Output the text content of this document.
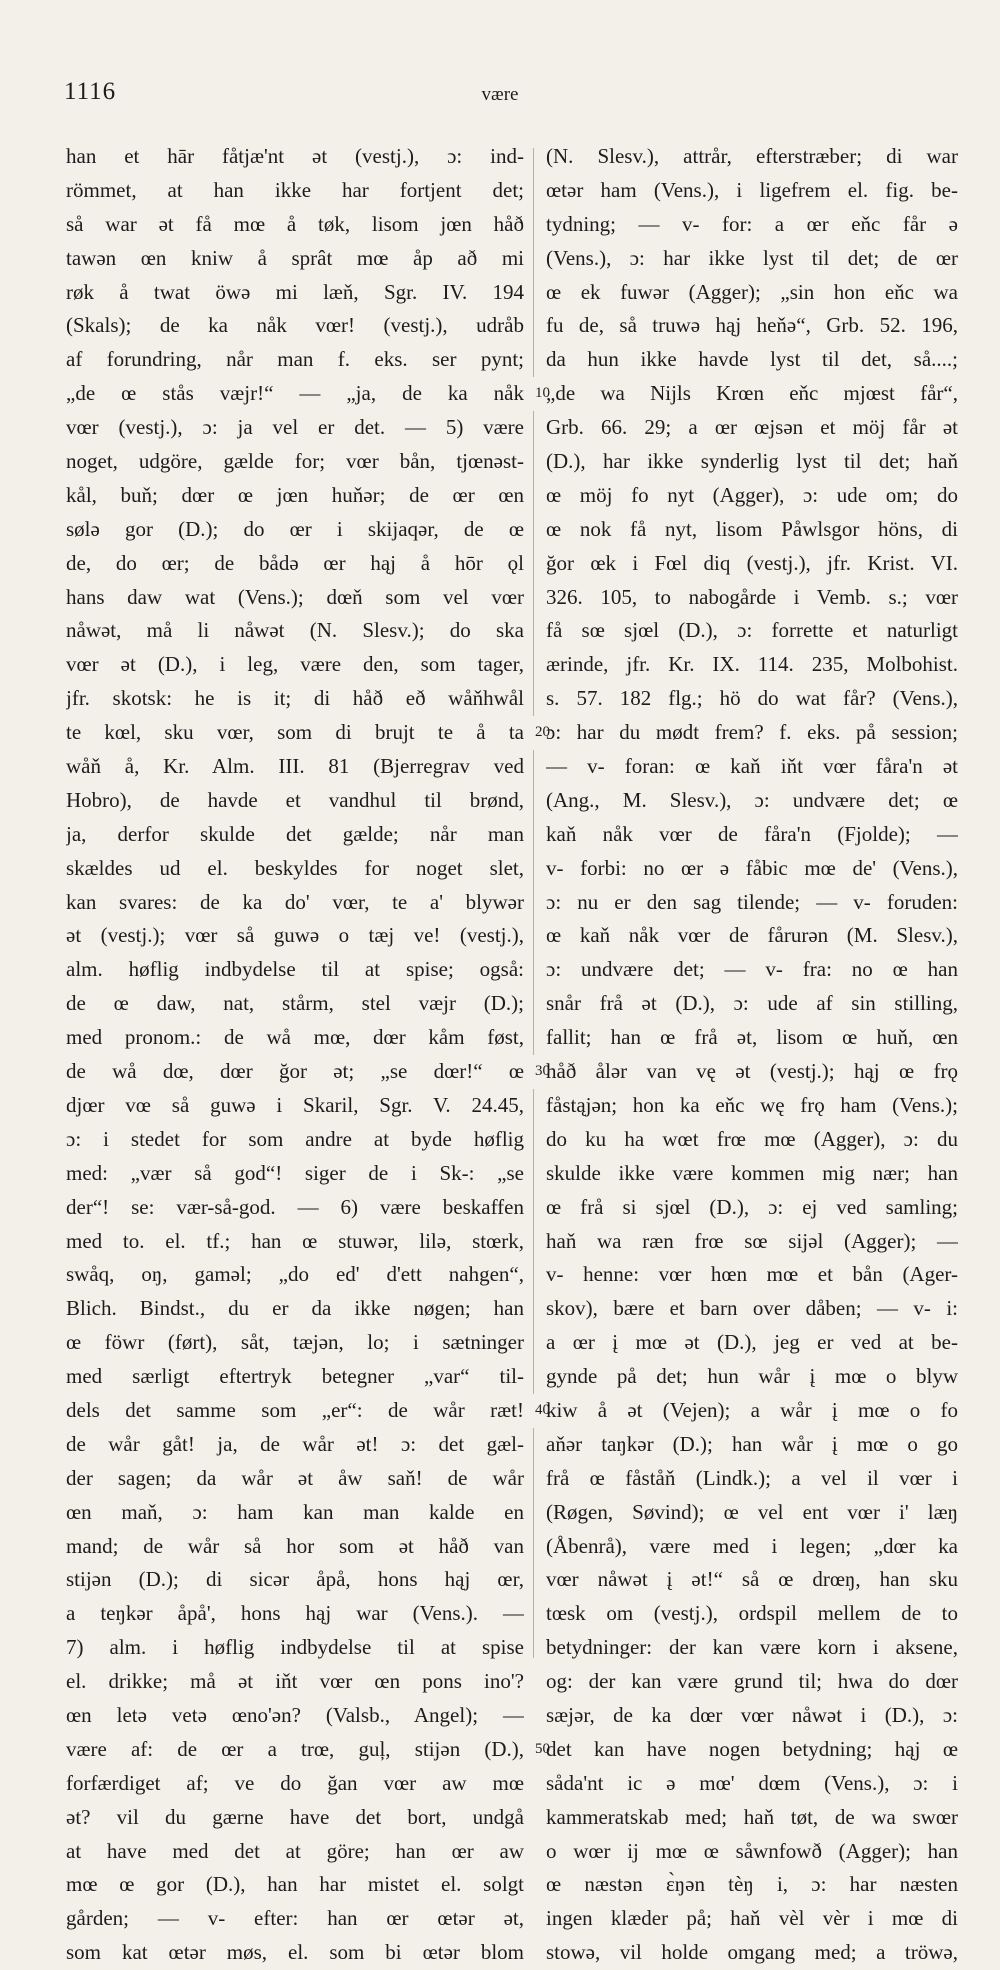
1116	være
han et hār fåtjæ'nt ət (vestj.), ɔ: ind-
römmet, at han ikke har fortjent det;
så war ət få mœ å tøk, lisom jœn håð
tawən œn kniw å sprât mœ åp að mi
røk å twat öwə mi læň, Sgr. IV. 194
(Skals); de ka nåk vœr! (vestj.), udråb
af forundring, når man f. eks. ser pynt;
„de œ stås væjr!“ — „ja, de ka nåk
vœr (vestj.), ɔ: ja vel er det. — 5) være
noget, udgöre, gælde for; vœr bån, tjœnəst-
kål, buň; dœr œ jœn huňər; de œr œn
sølə gor (D.); do œr i skijaqər, de œ
de, do œr; de bådə œr hąj å hōr ǫl
hans daw wat (Vens.); dœň som vel vœr
nåwət, må li nåwət (N. Slesv.); do ska
vœr ət (D.), i leg, være den, som tager,
jfr. skotsk: he is it; di håð eð wåňhwål
te kœl, sku vœr, som di brujt te å ta
wåň å, Kr. Alm. III. 81 (Bjerregrav ved
Hobro), de havde et vandhul til brønd,
ja, derfor skulde det gælde; når man
skældes ud el. beskyldes for noget slet,
kan svares: de ka do' vœr, te a' blywər
ət (vestj.); vœr så guwə o tæj ve! (vestj.),
alm. høflig indbydelse til at spise; også:
de œ daw, nat, stårm, stel væjr (D.);
med pronom.: de wå mœ, dœr kåm føst,
de wå dœ, dœr ğor ət; „se dœr!“ œ
djœr vœ så guwə i Skaril, Sgr. V. 24.45,
ɔ: i stedet for som andre at byde høflig
med: „vær så god“! siger de i Sk-: „se
der“! se: vær-så-god. — 6) være beskaffen
med to. el. tf.; han œ stuwər, lilə, stœrk,
swåq, oŋ, gaməl; „do ed' d'ett nahgen“,
Blich. Bindst., du er da ikke nøgen; han
œ föwr (ført), såt, tæjən, lo; i sætninger
med særligt eftertryk betegner „var“ til-
dels det samme som „er“: de wår ræt!
de wår gåt! ja, de wår ət! ɔ: det gæl-
der sagen; da wår ət åw saň! de wår
œn maň, ɔ: ham kan man kalde en
mand; de wår så hor som ət håð van
stijən (D.); di sicər åpå, hons hąj œr,
a teŋkər åpå', hons hąj war (Vens.). —
7) alm. i høflig indbydelse til at spise
el. drikke; må ət iňt vœr œn pons ino'?
œn letə vetə œno'ən? (Valsb., Angel); —
være af: de œr a trœ, guļ, stijən (D.),
forfærdiget af; ve do ğan vœr aw mœ
ət? vil du gærne have det bort, undgå
at have med det at göre; han œr aw
mœ œ gor (D.), han har mistet el. solgt
gården; — v- efter: han œr œtər ət,
som kat œtər møs, el. som bi œtər blom
10
20
30
40
50
(N. Slesv.), attrår, efterstræber; di war
œtər ham (Vens.), i ligefrem el. fig. be-
tydning; — v- for: a œr eňc får ə
(Vens.), ɔ: har ikke lyst til det; de œr
œ ek fuwər (Agger); „sin hon eňc wa
fu de, så truwə hąj heňə“, Grb. 52. 196,
da hun ikke havde lyst til det, så....;
„de wa Nijls Krœn eňc mjœst får“,
Grb. 66. 29; a œr œjsən et möj får ət
(D.), har ikke synderlig lyst til det; haň
œ möj fo nyt (Agger), ɔ: ude om; do
œ nok få nyt, lisom Påwlsgor höns, di
ğor œk i Fœl diq (vestj.), jfr. Krist. VI.
326. 105, to nabogårde i Vemb. s.; vœr
få sœ sjœl (D.), ɔ: forrette et naturligt
ærinde, jfr. Kr. IX. 114. 235, Molbohist.
s. 57. 182 flg.; hö do wat får? (Vens.),
ɔ: har du mødt frem? f. eks. på session;
— v- foran: œ kaň iňt vœr fåra'n ət
(Ang., M. Slesv.), ɔ: undvære det; œ
kaň nåk vœr de fåra'n (Fjolde); —
v- forbi: no œr ə fåbic mœ de' (Vens.),
ɔ: nu er den sag tilende; — v- foruden:
œ kaň nåk vœr de fårurən (M. Slesv.),
ɔ: undvære det; — v- fra: no œ han
snår frå ət (D.), ɔ: ude af sin stilling,
fallit; han œ frå ət, lisom œ huň, œn
håð ålər van vę ət (vestj.); hąj œ frǫ
fåstąjən; hon ka eňc wę frǫ ham (Vens.);
do ku ha wœt frœ mœ (Agger), ɔ: du
skulde ikke være kommen mig nær; han
œ frå si sjœl (D.), ɔ: ej ved samling;
haň wa ræn frœ sœ sijəl (Agger); —
v- henne: vœr hœn mœ et bån (Ager-
skov), bære et barn over dåben; — v- i:
a œr į mœ ət (D.), jeg er ved at be-
gynde på det; hun wår į mœ o blyw
kiw å ət (Vejen); a wår į mœ o fo
aňər taŋkər (D.); han wår į mœ o go
frå œ fåståň (Lindk.); a vel il vœr i
(Røgen, Søvind); œ vel ent vœr i' læŋ
(Åbenrå), være med i legen; „dœr ka
vœr nåwət į ət!“ så œ drœŋ, han sku
tœsk om (vestj.), ordspil mellem de to
betydninger: der kan være korn i aksene,
og: der kan være grund til; hwa do dœr
sæjər, de ka dœr vœr nåwət i (D.), ɔ:
det kan have nogen betydning; hąj œ
såda'nt ic ə mœ' dœm (Vens.), ɔ: i
kammeratskab med; haň tøt, de wa swœr
o wœr ij mœ œ såwnfowð (Agger); han
œ næstən ɛ̀ŋən tèŋ i, ɔ: har næsten
ingen klæder på; haň vèl vèr i mœ di
stowə, vil holde omgang med; a tröwə,
